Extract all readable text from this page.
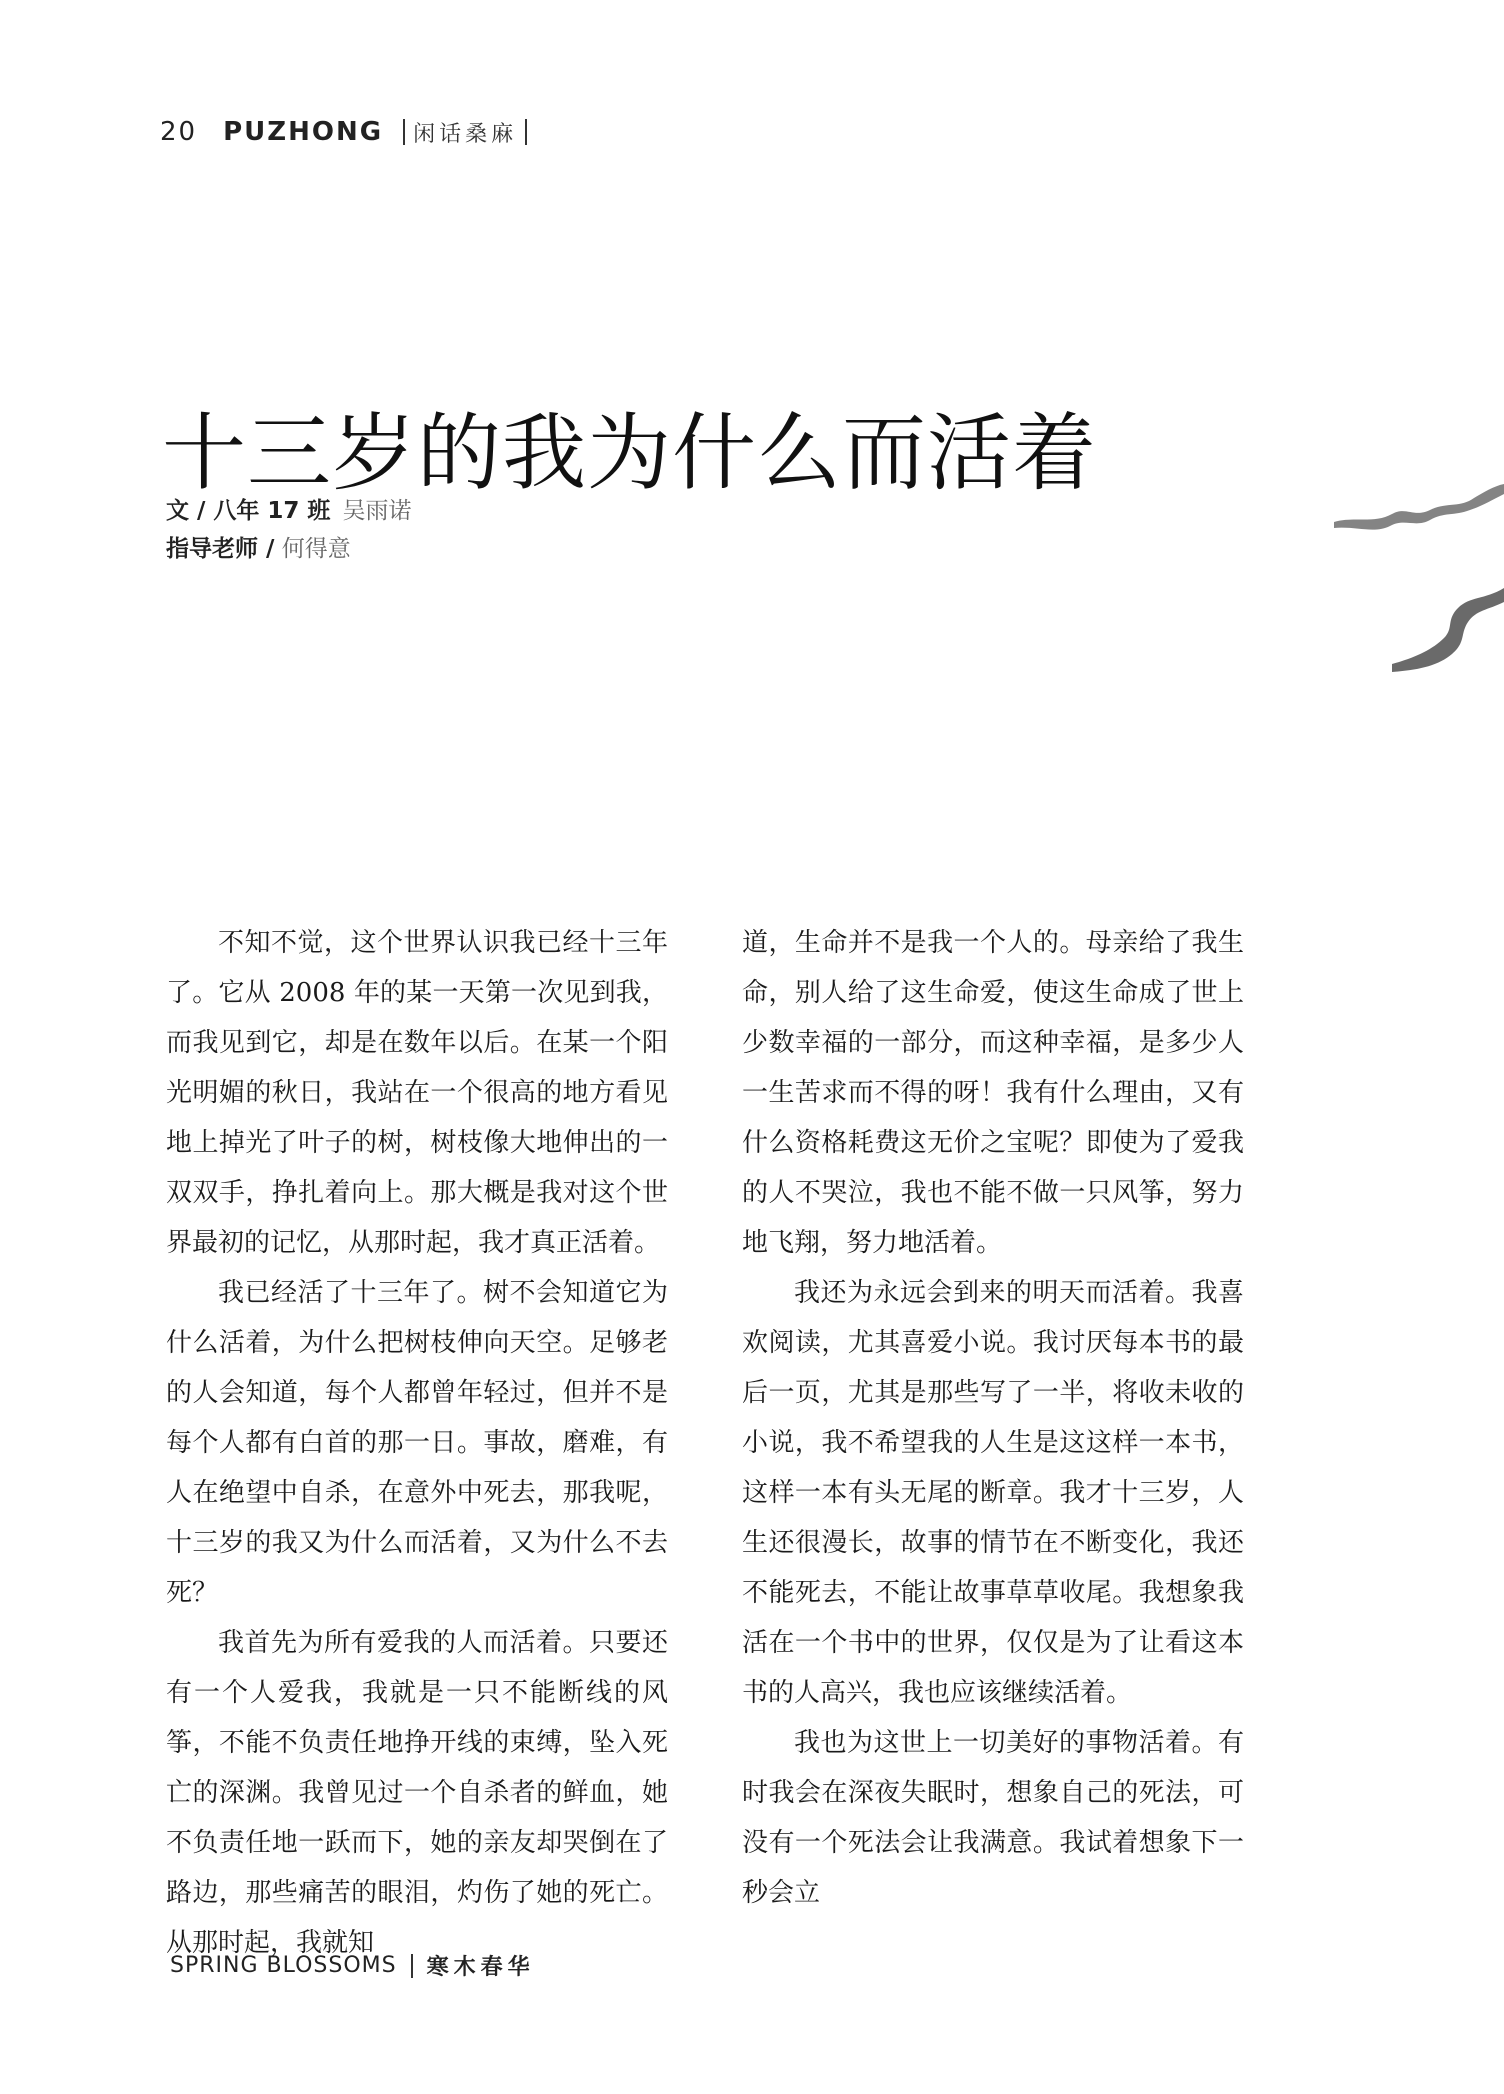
20 PUZHONG 闲话桑麻
十三岁的我为什么而活着
文 / 八年 17 班 吴雨诺
指导老师 / 何得意

不知不觉，这个世界认识我已经十三年了。它从 2008 年的某一天第一次见到我，而我见到它，却是在数年以后。在某一个阳光明媚的秋日，我站在一个很高的地方看见地上掉光了叶子的树，树枝像大地伸出的一双双手，挣扎着向上。那大概是我对这个世界最初的记忆，从那时起，我才真正活着。

我已经活了十三年了。树不会知道它为什么活着，为什么把树枝伸向天空。足够老的人会知道，每个人都曾年轻过，但并不是每个人都有白首的那一日。事故，磨难，有人在绝望中自杀，在意外中死去，那我呢，十三岁的我又为什么而活着，又为什么不去死？

我首先为所有爱我的人而活着。只要还有一个人爱我，我就是一只不能断线的风筝，不能不负责任地挣开线的束缚，坠入死亡的深渊。我曾见过一个自杀者的鲜血，她不负责任地一跃而下，她的亲友却哭倒在了路边，那些痛苦的眼泪，灼伤了她的死亡。从那时起，我就知

道，生命并不是我一个人的。母亲给了我生命，别人给了这生命爱，使这生命成了世上少数幸福的一部分，而这种幸福，是多少人一生苦求而不得的呀！我有什么理由，又有什么资格耗费这无价之宝呢？即使为了爱我的人不哭泣，我也不能不做一只风筝，努力地飞翔，努力地活着。

我还为永远会到来的明天而活着。我喜欢阅读，尤其喜爱小说。我讨厌每本书的最后一页，尤其是那些写了一半，将收未收的小说，我不希望我的人生是这这样一本书，这样一本有头无尾的断章。我才十三岁，人生还很漫长，故事的情节在不断变化，我还不能死去，不能让故事草草收尾。我想象我活在一个书中的世界，仅仅是为了让看这本书的人高兴，我也应该继续活着。

我也为这世上一切美好的事物活着。有时我会在深夜失眠时，想象自己的死法，可没有一个死法会让我满意。我试着想象下一秒会立

SPRING BLOSSOMS 寒木春华
